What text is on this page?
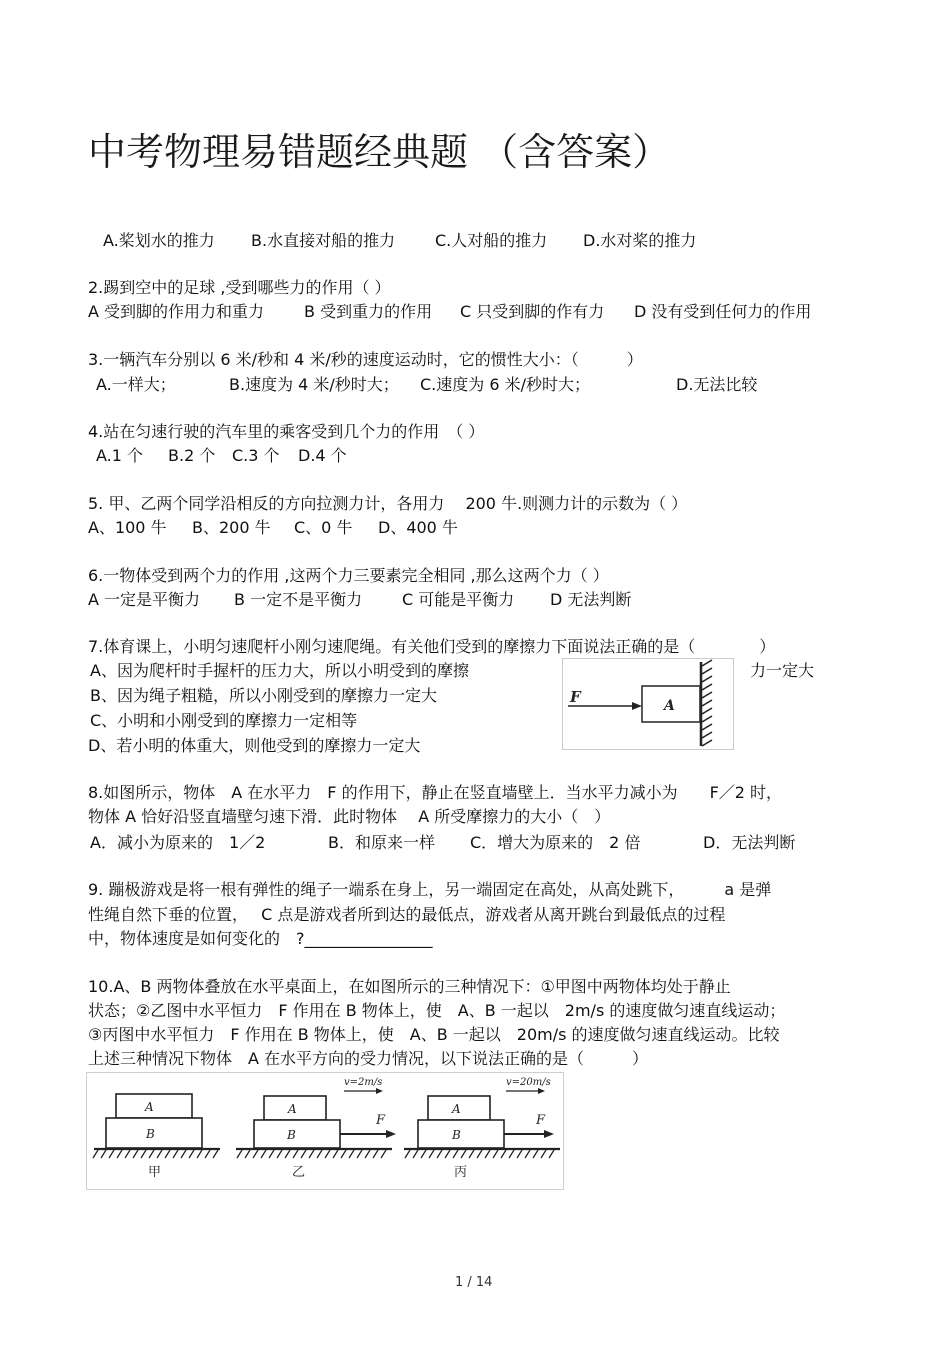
中考物理易错题经典题 （含答案）
A.桨划水的推力 B.水直接对船的推力 C.人对船的推力 D.水对桨的推力
2.踢到空中的足球 ,受到哪些力的作用（ ）
A 受到脚的作用力和重力 B 受到重力的作用 C 只受到脚的作有力 D 没有受到任何力的作用
3.一辆汽车分别以 6 米/秒和 4 米/秒的速度运动时，它的惯性大小：（　　　）
A.一样大；	B.速度为 4 米/秒时大； C.速度为 6 米/秒时大；	D.无法比较
4.站在匀速行驶的汽车里的乘客受到几个力的作用　（ ）
A.1 个 B.2 个 C.3 个 D.4 个
5. 甲、乙两个同学沿相反的方向拉测力计，各用力　 200 牛.则测力计的示数为（ ）
A、100 牛 B、200 牛 C、0 牛 D、400 牛
6.一物体受到两个力的作用 ,这两个力三要素完全相同 ,那么这两个力（ ）
A 一定是平衡力 B 一定不是平衡力 C 可能是平衡力 D 无法判断
7.体育课上，小明匀速爬杆小刚匀速爬绳。有关他们受到的摩擦力下面说法正确的是（　　　　）
A、因为爬杆时手握杆的压力大，所以小明受到的摩擦	力一定大
B、因为绳子粗糙，所以小刚受到的摩擦力一定大
C、小明和小刚受到的摩擦力一定相等
D、若小明的体重大，则他受到的摩擦力一定大
F	A
8.如图所示，物体　A 在水平力　F 的作用下，静止在竖直墙壁上．当水平力减小为　　F／2 时，
物体 A 恰好沿竖直墙壁匀速下滑．此时物体　 A 所受摩擦力的大小（　）
A．减小为原来的　1／2	B．和原来一样 C．增大为原来的　2 倍	D．无法判断
9. 蹦极游戏是将一根有弹性的绳子一端系在身上，另一端固定在高处，从高处跳下，　　　a 是弹
性绳自然下垂的位置，　 C 点是游戏者所到达的最低点，游戏者从离开跳台到最低点的过程
中，物体速度是如何变化的　?________________
10.A、B 两物体叠放在水平桌面上，在如图所示的三种情况下：①甲图中两物体均处于静止
状态；②乙图中水平恒力　F 作用在 B 物体上，使　A、B 一起以　2m/s 的速度做匀速直线运动；
③丙图中水平恒力　F 作用在 B 物体上，使　A、B 一起以　20m/s 的速度做匀速直线运动。比较
上述三种情况下物体　A 在水平方向的受力情况，以下说法正确的是（　　　）
A
B
甲
v=2m/s
A
B
F
乙
v=20m/s
A
B
F
丙
1 / 14
